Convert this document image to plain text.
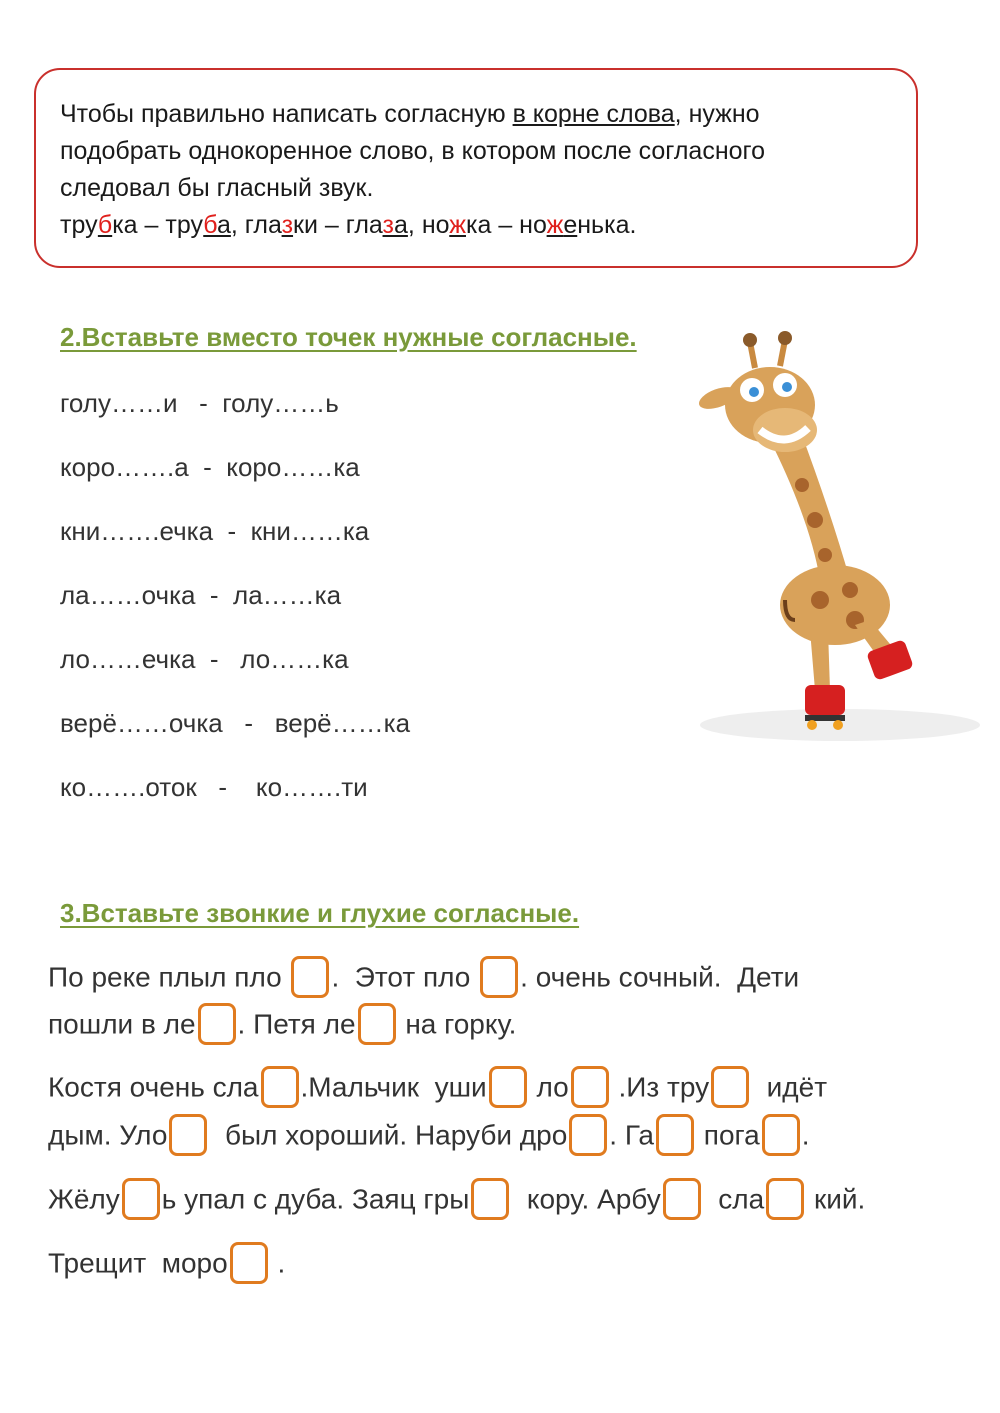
Чтобы правильно написать согласную в корне слова, нужно
подобрать однокоренное слово, в котором после согласного
следовал бы гласный звук.
трубка – труба, глазки – глаза, ножка – ноженька.
2.Вставьте вместо точек нужные согласные.
голу……и   -  голу……ь
коро…….а  -  коро……ка
кни…….ечка  -  кни……ка
ла……очка  -  ла……ка
ло……ечка  -   ло……ка
верё……очка   -   верё……ка
ко…….оток   -    ко…….ти
3.Вставьте звонкие и глухие согласные.
По реке плыл пло .  Этот пло . очень сочный.  Дети
пошли в ле . Петя ле на горку.
Костя очень сла .Мальчик  уши ло .Из тру  идёт
дым. Уло  был хороший. Наруби дро . Га пога .
Жёлу ь упал с дуба. Заяц гры  кору. Арбу  сла кий.
Трещит  моро .
